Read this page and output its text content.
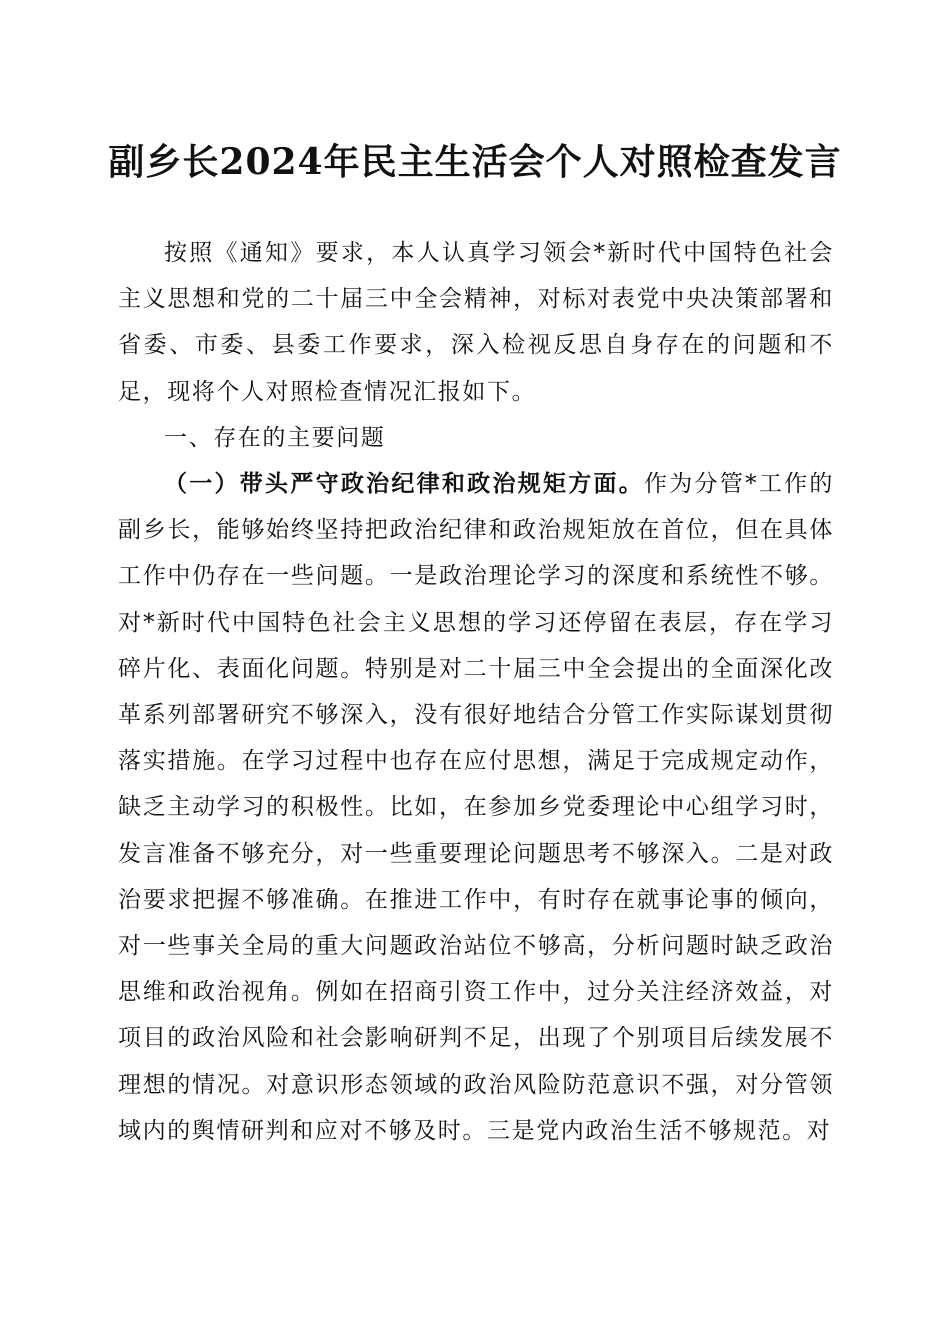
副乡长2024年民主生活会个人对照检查发言

按照《通知》要求，本人认真学习领会*新时代中国特色社会主义思想和党的二十届三中全会精神，对标对表党中央决策部署和省委、市委、县委工作要求，深入检视反思自身存在的问题和不足，现将个人对照检查情况汇报如下。

一、存在的主要问题

（一）带头严守政治纪律和政治规矩方面。作为分管*工作的副乡长，能够始终坚持把政治纪律和政治规矩放在首位，但在具体工作中仍存在一些问题。一是政治理论学习的深度和系统性不够。对*新时代中国特色社会主义思想的学习还停留在表层，存在学习碎片化、表面化问题。特别是对二十届三中全会提出的全面深化改革系列部署研究不够深入，没有很好地结合分管工作实际谋划贯彻落实措施。在学习过程中也存在应付思想，满足于完成规定动作，缺乏主动学习的积极性。比如，在参加乡党委理论中心组学习时，发言准备不够充分，对一些重要理论问题思考不够深入。二是对政治要求把握不够准确。在推进工作中，有时存在就事论事的倾向，对一些事关全局的重大问题政治站位不够高，分析问题时缺乏政治思维和政治视角。例如在招商引资工作中，过分关注经济效益，对项目的政治风险和社会影响研判不足，出现了个别项目后续发展不理想的情况。对意识形态领域的政治风险防范意识不强，对分管领域内的舆情研判和应对不够及时。三是党内政治生活不够规范。对
